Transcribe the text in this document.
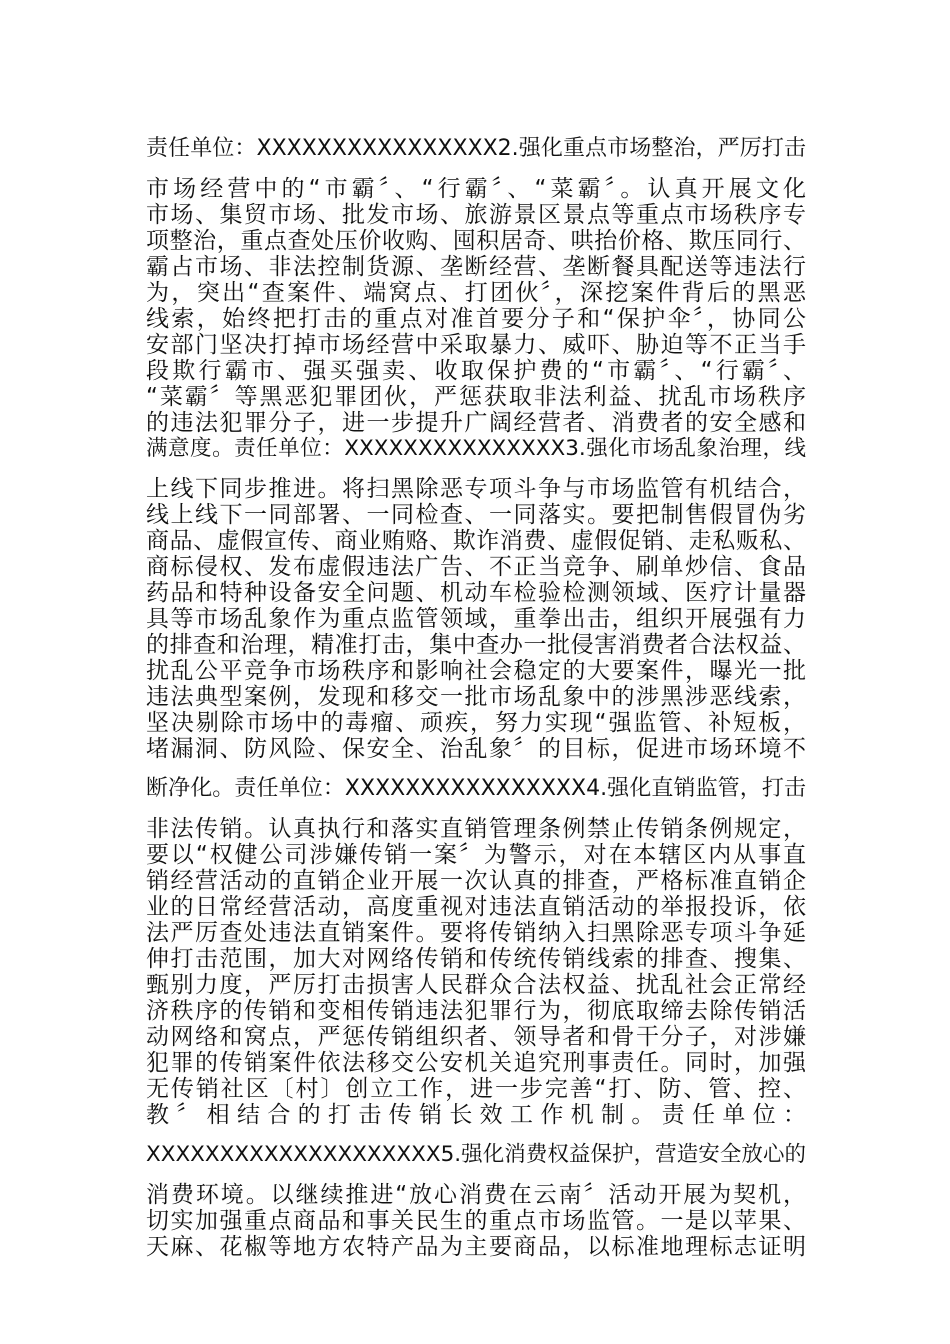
责任单位：XXXXXXXXXXXXXXXX2.强化重点市场整治，严厉打击
市场经营中的“市霸〞、“行霸〞、“菜霸〞。认真开展文化
市场、集贸市场、批发市场、旅游景区景点等重点市场秩序专
项整治，重点查处压价收购、囤积居奇、哄抬价格、欺压同行、
霸占市场、非法控制货源、垄断经营、垄断餐具配送等违法行
为，突出“查案件、端窝点、打团伙〞，深挖案件背后的黑恶
线索，始终把打击的重点对准首要分子和“保护伞〞，协同公
安部门坚决打掉市场经营中采取暴力、威吓、胁迫等不正当手
段欺行霸市、强买强卖、收取保护费的“市霸〞、“行霸〞、
“菜霸〞等黑恶犯罪团伙，严惩获取非法利益、扰乱市场秩序
的违法犯罪分子，进一步提升广阔经营者、消费者的安全感和
满意度。责任单位：XXXXXXXXXXXXXXX3.强化市场乱象治理，线
上线下同步推进。将扫黑除恶专项斗争与市场监管有机结合，
线上线下一同部署、一同检查、一同落实。要把制售假冒伪劣
商品、虚假宣传、商业贿赂、欺诈消费、虚假促销、走私贩私、
商标侵权、发布虚假违法广告、不正当竞争、刷单炒信、食品
药品和特种设备安全问题、机动车检验检测领域、医疗计量器
具等市场乱象作为重点监管领域，重拳出击，组织开展强有力
的排查和治理，精准打击，集中查办一批侵害消费者合法权益、
扰乱公平竞争市场秩序和影响社会稳定的大要案件，曝光一批
违法典型案例，发现和移交一批市场乱象中的涉黑涉恶线索，
坚决剔除市场中的毒瘤、顽疾，努力实现“强监管、补短板，
堵漏洞、防风险、保安全、治乱象〞的目标，促进市场环境不
断净化。责任单位：XXXXXXXXXXXXXXXX4.强化直销监管，打击
非法传销。认真执行和落实直销管理条例禁止传销条例规定，
要以“权健公司涉嫌传销一案〞为警示，对在本辖区内从事直
销经营活动的直销企业开展一次认真的排查，严格标准直销企
业的日常经营活动，高度重视对违法直销活动的举报投诉，依
法严厉查处违法直销案件。要将传销纳入扫黑除恶专项斗争延
伸打击范围，加大对网络传销和传统传销线索的排查、搜集、
甄别力度，严厉打击损害人民群众合法权益、扰乱社会正常经
济秩序的传销和变相传销违法犯罪行为，彻底取缔去除传销活
动网络和窝点，严惩传销组织者、领导者和骨干分子，对涉嫌
犯罪的传销案件依法移交公安机关追究刑事责任。同时，加强
无传销社区〔村〕创立工作，进一步完善“打、防、管、控、
教〞相结合的打击传销长效工作机制。责任单位：
XXXXXXXXXXXXXXXXXXXX5.强化消费权益保护，营造安全放心的
消费环境。以继续推进“放心消费在云南〞活动开展为契机，
切实加强重点商品和事关民生的重点市场监管。一是以苹果、
天麻、花椒等地方农特产品为主要商品，以标准地理标志证明
